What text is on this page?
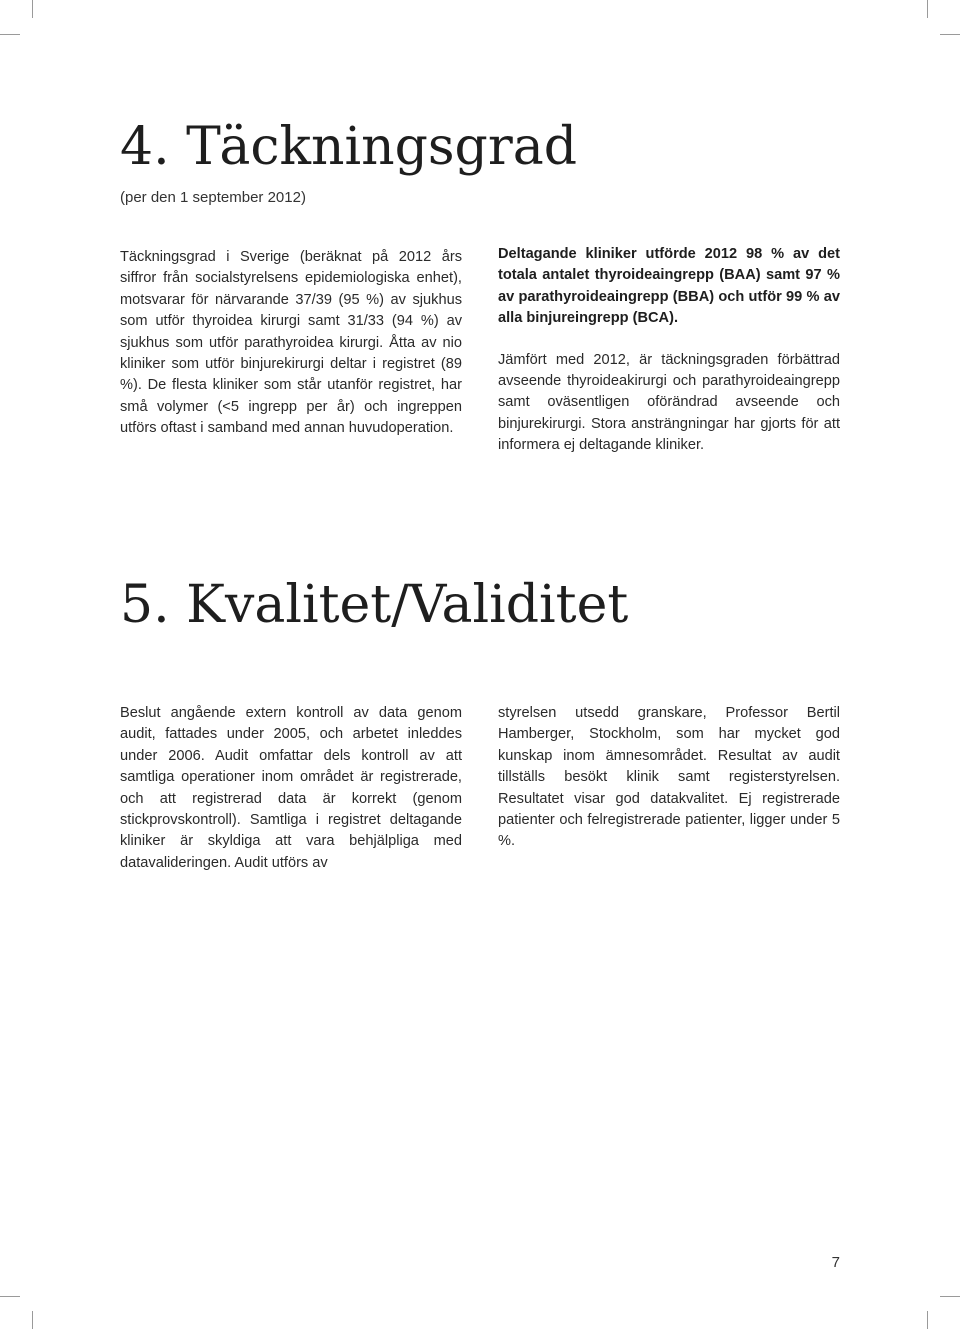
4. Täckningsgrad

(per den 1 september 2012)

Täckningsgrad i Sverige (beräknat på 2012 års siffror från socialstyrelsens epidemiologiska enhet), motsvarar för närvarande 37/39 (95 %) av sjukhus som utför thyroidea kirurgi samt 31/33 (94 %) av sjukhus som utför parathyroidea kirurgi. Åtta av nio kliniker som utför binjurekirurgi deltar i registret (89 %). De flesta kliniker som står utanför registret, har små volymer (<5 ingrepp per år) och ingreppen utförs oftast i samband med annan huvudoperation.

Deltagande kliniker utförde 2012 98 % av det totala antalet thyroideaingrepp (BAA) samt 97 % av parathyroideaingrepp (BBA) och utför 99 % av alla binjureingrepp (BCA).

Jämfört med 2012, är täckningsgraden förbättrad avseende thyroideakirurgi och parathyroideaingrepp samt oväsentligen oförändrad avseende och binjurekirurgi. Stora ansträngningar har gjorts för att informera ej deltagande kliniker.

5. Kvalitet/Validitet

Beslut angående extern kontroll av data genom audit, fattades under 2005, och arbetet inleddes under 2006. Audit omfattar dels kontroll av att samtliga operationer inom området är registrerade, och att registrerad data är korrekt (genom stickprovskontroll). Samtliga i registret deltagande kliniker är skyldiga att vara behjälpliga med datavalideringen. Audit utförs av

styrelsen utsedd granskare, Professor Bertil Hamberger, Stockholm, som har mycket god kunskap inom ämnesområdet. Resultat av audit tillställs besökt klinik samt registerstyrelsen. Resultatet visar god datakvalitet. Ej registrerade patienter och felregistrerade patienter, ligger under 5 %.

7
